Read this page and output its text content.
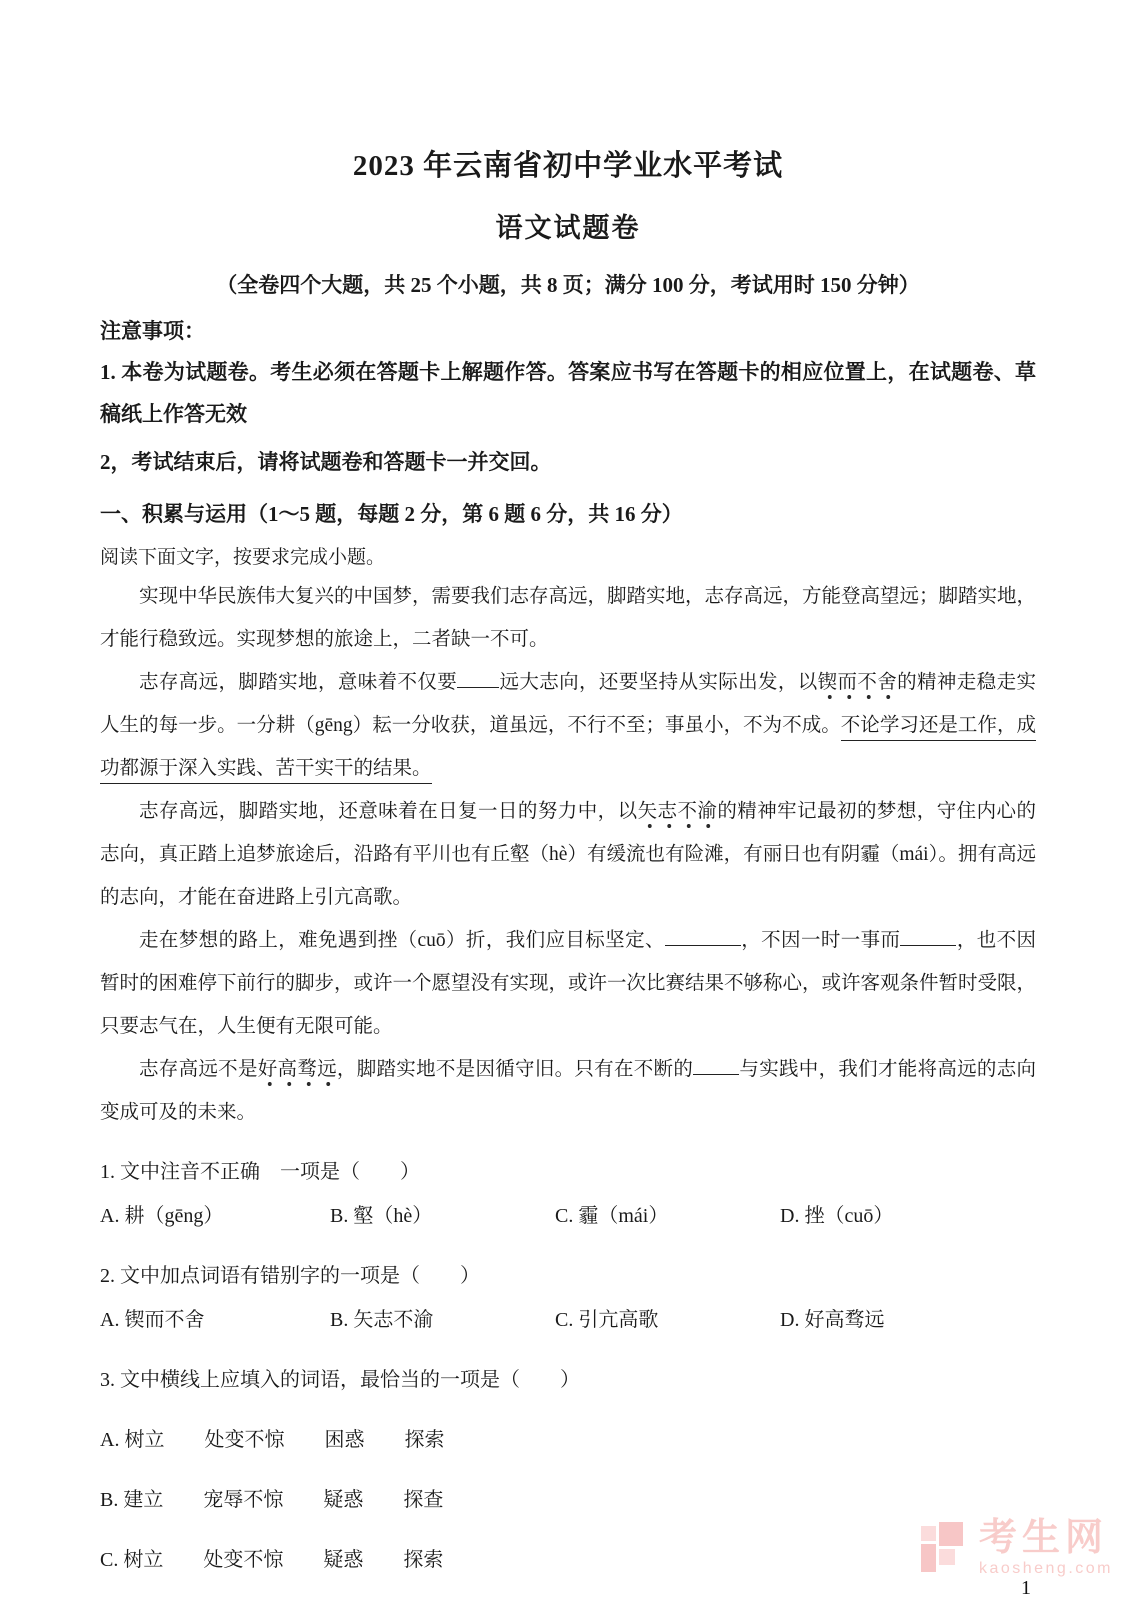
2023 年云南省初中学业水平考试
语文试题卷
（全卷四个大题，共 25 个小题，共 8 页；满分 100 分，考试用时 150 分钟）
注意事项：
1. 本卷为试题卷。考生必须在答题卡上解题作答。答案应书写在答题卡的相应位置上，在试题卷、草稿纸上作答无效
2，考试结束后，请将试题卷和答题卡一并交回。
一、积累与运用（1～5 题，每题 2 分，第 6 题 6 分，共 16 分）
阅读下面文字，按要求完成小题。

实现中华民族伟大复兴的中国梦，需要我们志存高远，脚踏实地，志存高远，方能登高望远；脚踏实地，才能行稳致远。实现梦想的旅途上，二者缺一不可。

志存高远，脚踏实地，意味着不仅要 远大志向，还要坚持从实际出发，以锲而不舍的精神走稳走实人生的每一步。一分耕（gēng）耘一分收获，道虽远，不行不至；事虽小，不为不成。不论学习还是工作，成功都源于深入实践、苦干实干的结果。

志存高远，脚踏实地，还意味着在日复一日的努力中，以矢志不渝的精神牢记最初的梦想，守住内心的志向，真正踏上追梦旅途后，沿路有平川也有丘壑（hè）有缓流也有险滩，有丽日也有阴霾（mái）。拥有高远的志向，才能在奋进路上引亢高歌。

走在梦想的路上，难免遇到挫（cuō）折，我们应目标坚定、	，不因一时一事而	，也不因暂时的困难停下前行的脚步，或许一个愿望没有实现，或许一次比赛结果不够称心，或许客观条件暂时受限，只要志气在，人生便有无限可能。

志存高远不是好高骛远，脚踏实地不是因循守旧。只有在不断的 与实践中，我们才能将高远的志向变成可及的未来。

1. 文中注音不正确　一项是（　　）
A. 耕（gēng）	B. 壑（hè）	C. 霾（mái）	D. 挫（cuō）
2. 文中加点词语有错别字的一项是（　　）
A. 锲而不舍	B. 矢志不渝	C. 引亢高歌	D. 好高骛远
3. 文中横线上应填入的词语，最恰当的一项是（　　）
A. 树立　　处变不惊　　困惑　　探索
B. 建立　　宠辱不惊　　疑惑　　探查
C. 树立　　处变不惊　　疑惑　　探索
考生网
kaosheng.com
1
